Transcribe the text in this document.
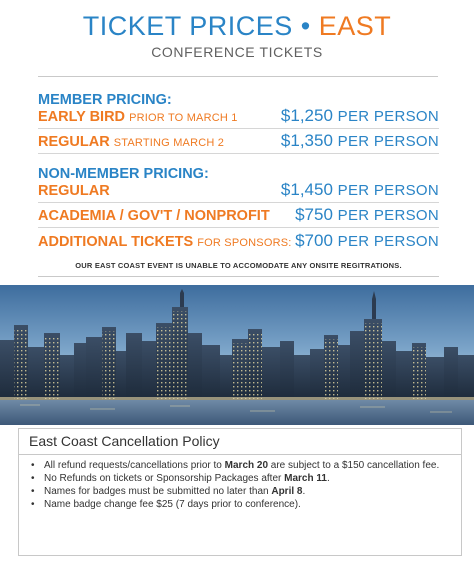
TICKET PRICES • EAST
CONFERENCE TICKETS
MEMBER PRICING:
EARLY BIRD PRIOR TO MARCH 1	$1,250 PER PERSON
REGULAR STARTING MARCH 2	$1,350 PER PERSON
NON-MEMBER PRICING:
REGULAR	$1,450 PER PERSON
ACADEMIA / GOV'T / NONPROFIT $750 PER PERSON
ADDITIONAL TICKETS FOR SPONSORS: $700 PER PERSON
OUR EAST COAST EVENT IS UNABLE TO ACCOMODATE ANY ONSITE REGITRATIONS.
East Coast Cancellation Policy
• All refund requests/cancellations prior to March 20 are subject to a $150 cancellation fee.
• No Refunds on tickets or Sponsorship Packages after March 11.
• Names for badges must be submitted no later than April 8.
• Name badge change fee $25 (7 days prior to conference).
